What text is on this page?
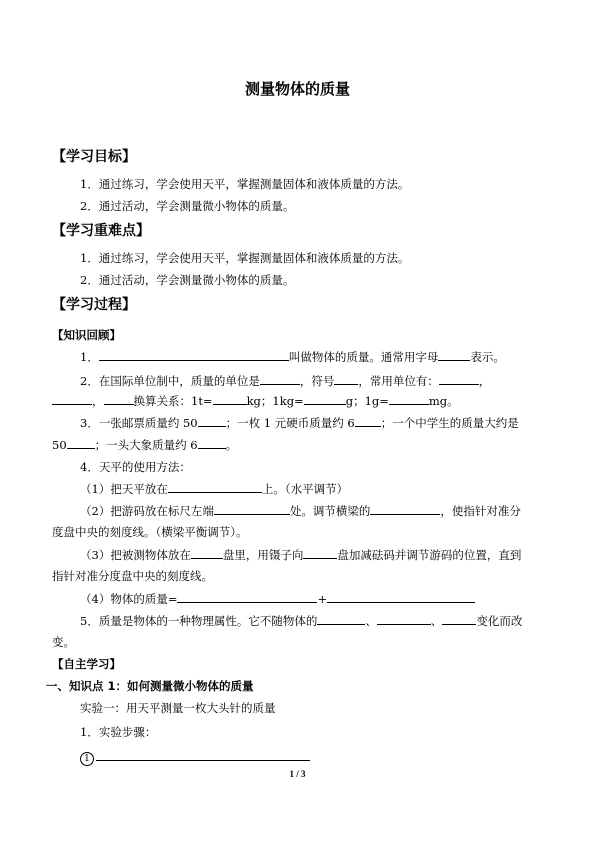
测量物体的质量
【学习目标】
1．通过练习，学会使用天平，掌握测量固体和液体质量的方法。
2．通过活动，学会测量微小物体的质量。
【学习重难点】
1．通过练习，学会使用天平，掌握测量固体和液体质量的方法。
2．通过活动，学会测量微小物体的质量。
【学习过程】
【知识回顾】
1．	叫做物体的质量。通常用字母	表示。
2．在国际单位制中，质量的单位是	，符号 ，常用单位有：	，
，	换算关系：1t=	kg；1kg=	g；1g=	mg。
3．一张邮票质量约 50 ；一枚 1 元硬币质量约 6 ；一个中学生的质量大约是
50 ；一头大象质量约 6 。
4．天平的使用方法：
（1）把天平放在	上。（水平调节）
（2）把游码放在标尺左端	处。调节横梁的	，使指针对准分
度盘中央的刻度线。（横梁平衡调节）。
（3）把被测物体放在	盘里，用镊子向	盘加减砝码并调节游码的位置，直到
指针对准分度盘中央的刻度线。
（4）物体的质量=	+
5．质量是物体的一种物理属性。它不随物体的	、	、	变化而改
变。
【自主学习】
一、知识点 1：如何测量微小物体的质量
实验一：用天平测量一枚大头针的质量
1．实验步骤：
1
1 / 3
